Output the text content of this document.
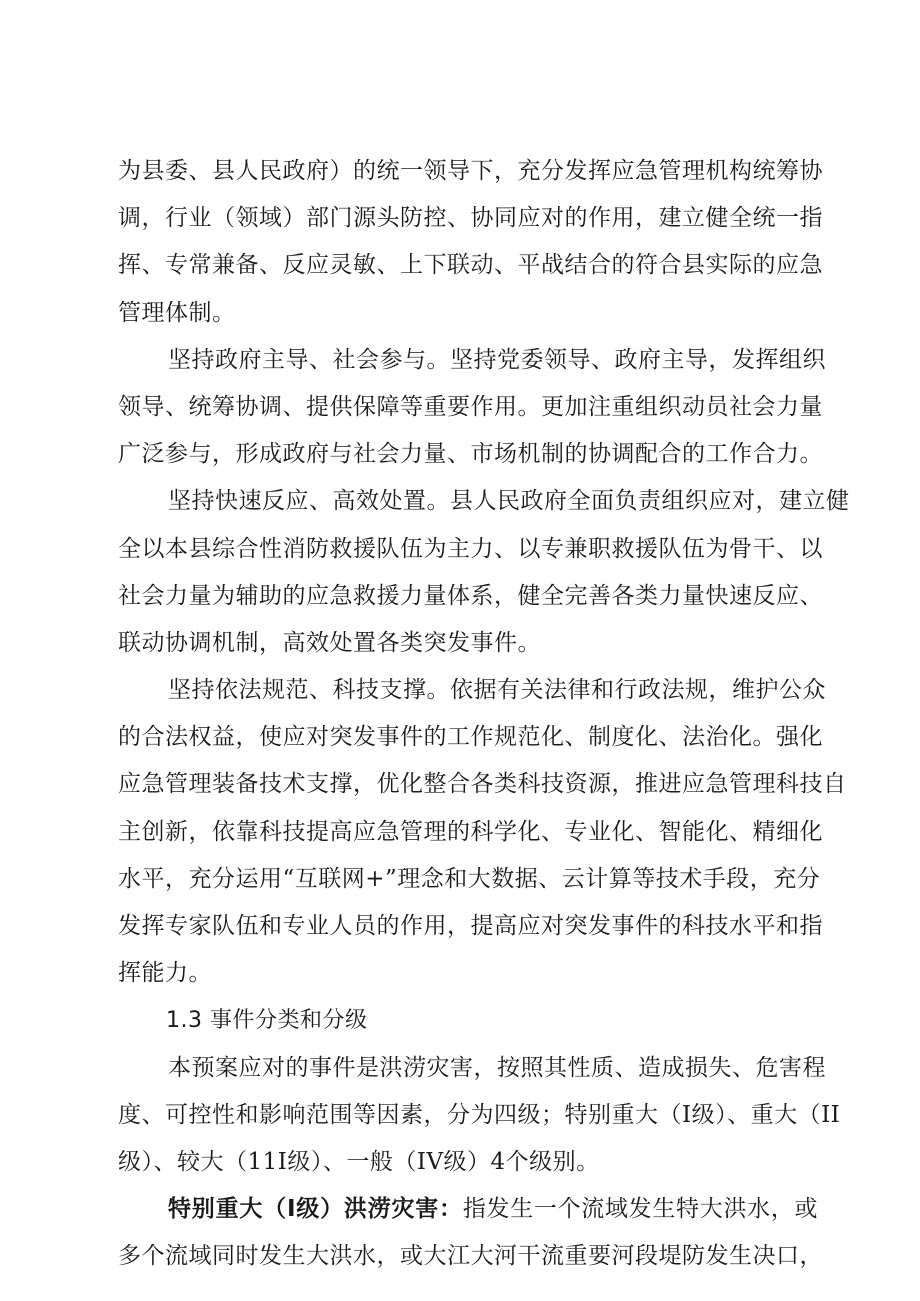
为县委、县人民政府）的统一领导下，充分发挥应急管理机构统筹协
调，行业（领域）部门源头防控、协同应对的作用，建立健全统一指
挥、专常兼备、反应灵敏、上下联动、平战结合的符合县实际的应急
管理体制。
坚持政府主导、社会参与。坚持党委领导、政府主导，发挥组织
领导、统筹协调、提供保障等重要作用。更加注重组织动员社会力量
广泛参与，形成政府与社会力量、市场机制的协调配合的工作合力。
坚持快速反应、高效处置。县人民政府全面负责组织应对，建立健
全以本县综合性消防救援队伍为主力、以专兼职救援队伍为骨干、以
社会力量为辅助的应急救援力量体系，健全完善各类力量快速反应、
联动协调机制，高效处置各类突发事件。
坚持依法规范、科技支撑。依据有关法律和行政法规，维护公众
的合法权益，使应对突发事件的工作规范化、制度化、法治化。强化
应急管理装备技术支撑，优化整合各类科技资源，推进应急管理科技自
主创新，依靠科技提高应急管理的科学化、专业化、智能化、精细化
水平，充分运用“互联网+”理念和大数据、云计算等技术手段，充分
发挥专家队伍和专业人员的作用，提高应对突发事件的科技水平和指
挥能力。
1.3 事件分类和分级
本预案应对的事件是洪涝灾害，按照其性质、造成损失、危害程
度、可控性和影响范围等因素，分为四级；特别重大（I级）、重大（II
级）、较大（11I级）、一般（IV级）4个级别。
特别重大（I级）洪涝灾害：指发生一个流域发生特大洪水，或
多个流域同时发生大洪水，或大江大河干流重要河段堤防发生决口，
